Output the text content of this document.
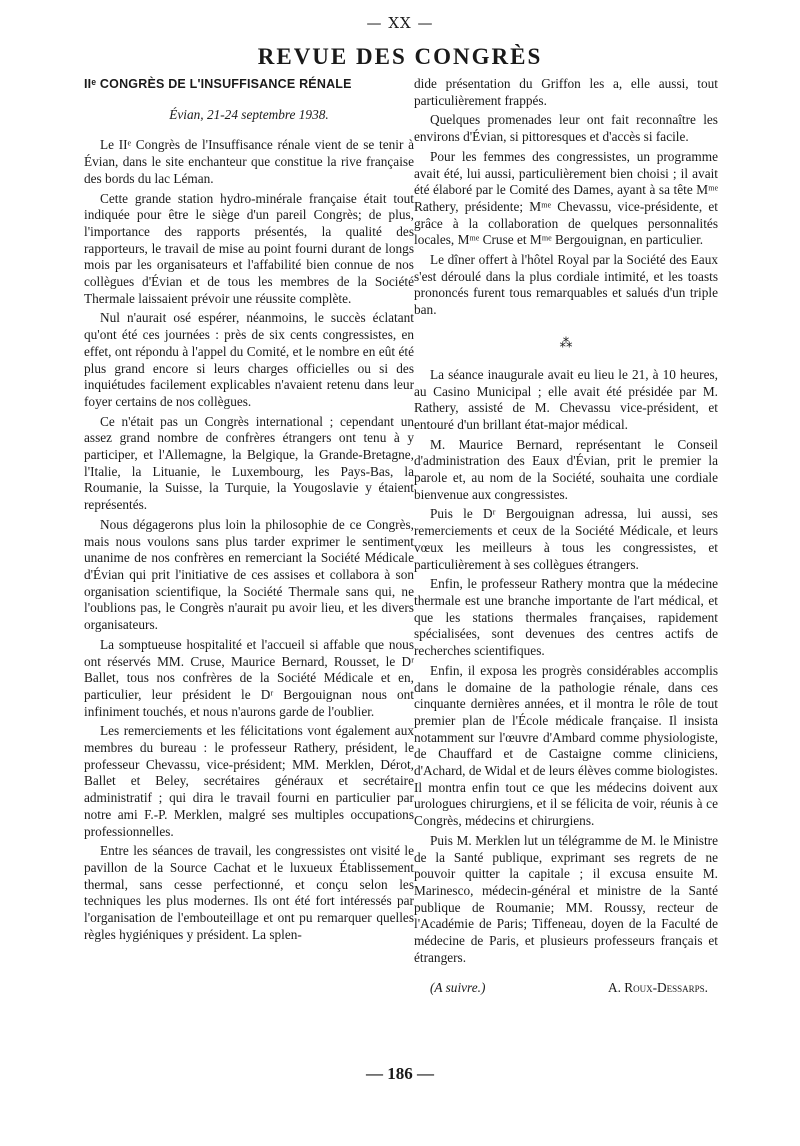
— XX —
REVUE DES CONGRÈS
IIᵉ CONGRÈS DE L'INSUFFISANCE RÉNALE
Évian, 21-24 septembre 1938.

Le IIᵉ Congrès de l'Insuffisance rénale vient de se tenir à Évian, dans le site enchanteur que constitue la rive française des bords du lac Léman.

Cette grande station hydro-minérale française était tout indiquée pour être le siège d'un pareil Congrès; de plus, l'importance des rapports présentés, la qualité des rapporteurs, le travail de mise au point fourni durant de longs mois par les organisateurs et l'affabilité bien connue de nos collègues d'Évian et de tous les membres de la Société Thermale laissaient prévoir une réussite complète.

Nul n'aurait osé espérer, néanmoins, le succès éclatant qu'ont été ces journées : près de six cents congressistes, en effet, ont répondu à l'appel du Comité, et le nombre en eût été plus grand encore si leurs charges officielles ou si des inquiétudes facilement explicables n'avaient retenu dans leur foyer certains de nos collègues.

Ce n'était pas un Congrès international ; cependant un assez grand nombre de confrères étrangers ont tenu à y participer, et l'Allemagne, la Belgique, la Grande-Bretagne, l'Italie, la Lituanie, le Luxembourg, les Pays-Bas, la Roumanie, la Suisse, la Turquie, la Yougoslavie y étaient représentés.

Nous dégagerons plus loin la philosophie de ce Congrès, mais nous voulons sans plus tarder exprimer le sentiment unanime de nos confrères en remerciant la Société Médicale d'Évian qui prit l'initiative de ces assises et collabora à son organisation scientifique, la Société Thermale sans qui, ne l'oublions pas, le Congrès n'aurait pu avoir lieu, et les divers organisateurs.

La somptueuse hospitalité et l'accueil si affable que nous ont réservés MM. Cruse, Maurice Bernard, Rousset, le Dʳ Ballet, tous nos confrères de la Société Médicale et en, particulier, leur président le Dʳ Bergouignan nous ont infiniment touchés, et nous n'aurons garde de l'oublier.

Les remerciements et les félicitations vont également aux membres du bureau : le professeur Rathery, président, le professeur Chevassu, vice-président; MM. Merklen, Dérot, Ballet et Beley, secrétaires généraux et secrétaire administratif ; qui dira le travail fourni en particulier par notre ami F.-P. Merklen, malgré ses multiples occupations professionnelles.

Entre les séances de travail, les congressistes ont visité le pavillon de la Source Cachat et le luxueux Établissement thermal, sans cesse perfectionné, et conçu selon les techniques les plus modernes. Ils ont été fort intéressés par l'organisation de l'embouteillage et ont pu remarquer quelles règles hygiéniques y président. La splen-

dide présentation du Griffon les a, elle aussi, tout particulièrement frappés.

Quelques promenades leur ont fait reconnaître les environs d'Évian, si pittoresques et d'accès si facile.

Pour les femmes des congressistes, un programme avait été, lui aussi, particulièrement bien choisi ; il avait été élaboré par le Comité des Dames, ayant à sa tête Mᵐᵉ Rathery, présidente; Mᵐᵉ Chevassu, vice-présidente, et grâce à la collaboration de quelques personnalités locales, Mᵐᵉ Cruse et Mᵐᵉ Bergouignan, en particulier.

Le dîner offert à l'hôtel Royal par la Société des Eaux s'est déroulé dans la plus cordiale intimité, et les toasts prononcés furent tous remarquables et salués d'un triple ban.

⁂

La séance inaugurale avait eu lieu le 21, à 10 heures, au Casino Municipal ; elle avait été présidée par M. Rathery, assisté de M. Chevassu vice-président, et entouré d'un brillant état-major médical.

M. Maurice Bernard, représentant le Conseil d'administration des Eaux d'Évian, prit le premier la parole et, au nom de la Société, souhaita une cordiale bienvenue aux congressistes.

Puis le Dʳ Bergouignan adressa, lui aussi, ses remerciements et ceux de la Société Médicale, et leurs vœux les meilleurs à tous les congressistes, et particulièrement à ses collègues étrangers.

Enfin, le professeur Rathery montra que la médecine thermale est une branche importante de l'art médical, et que les stations thermales françaises, rapidement spécialisées, sont devenues des centres actifs de recherches scientifiques.

Enfin, il exposa les progrès considérables accomplis dans le domaine de la pathologie rénale, dans ces cinquante dernières années, et il montra le rôle de tout premier plan de l'École médicale française. Il insista notamment sur l'œuvre d'Ambard comme physiologiste, de Chauffard et de Castaigne comme cliniciens, d'Achard, de Widal et de leurs élèves comme biologistes. Il montra enfin tout ce que les médecins doivent aux urologues chirurgiens, et il se félicita de voir, réunis à ce Congrès, médecins et chirurgiens.

Puis M. Merklen lut un télégramme de M. le Ministre de la Santé publique, exprimant ses regrets de ne pouvoir quitter la capitale ; il excusa ensuite M. Marinesco, médecin-général et ministre de la Santé publique de Roumanie; MM. Roussy, recteur de l'Académie de Paris; Tiffeneau, doyen de la Faculté de médecine de Paris, et plusieurs professeurs français et étrangers.

(A suivre.)	A. Roux-Dessarps.
— 186 —
